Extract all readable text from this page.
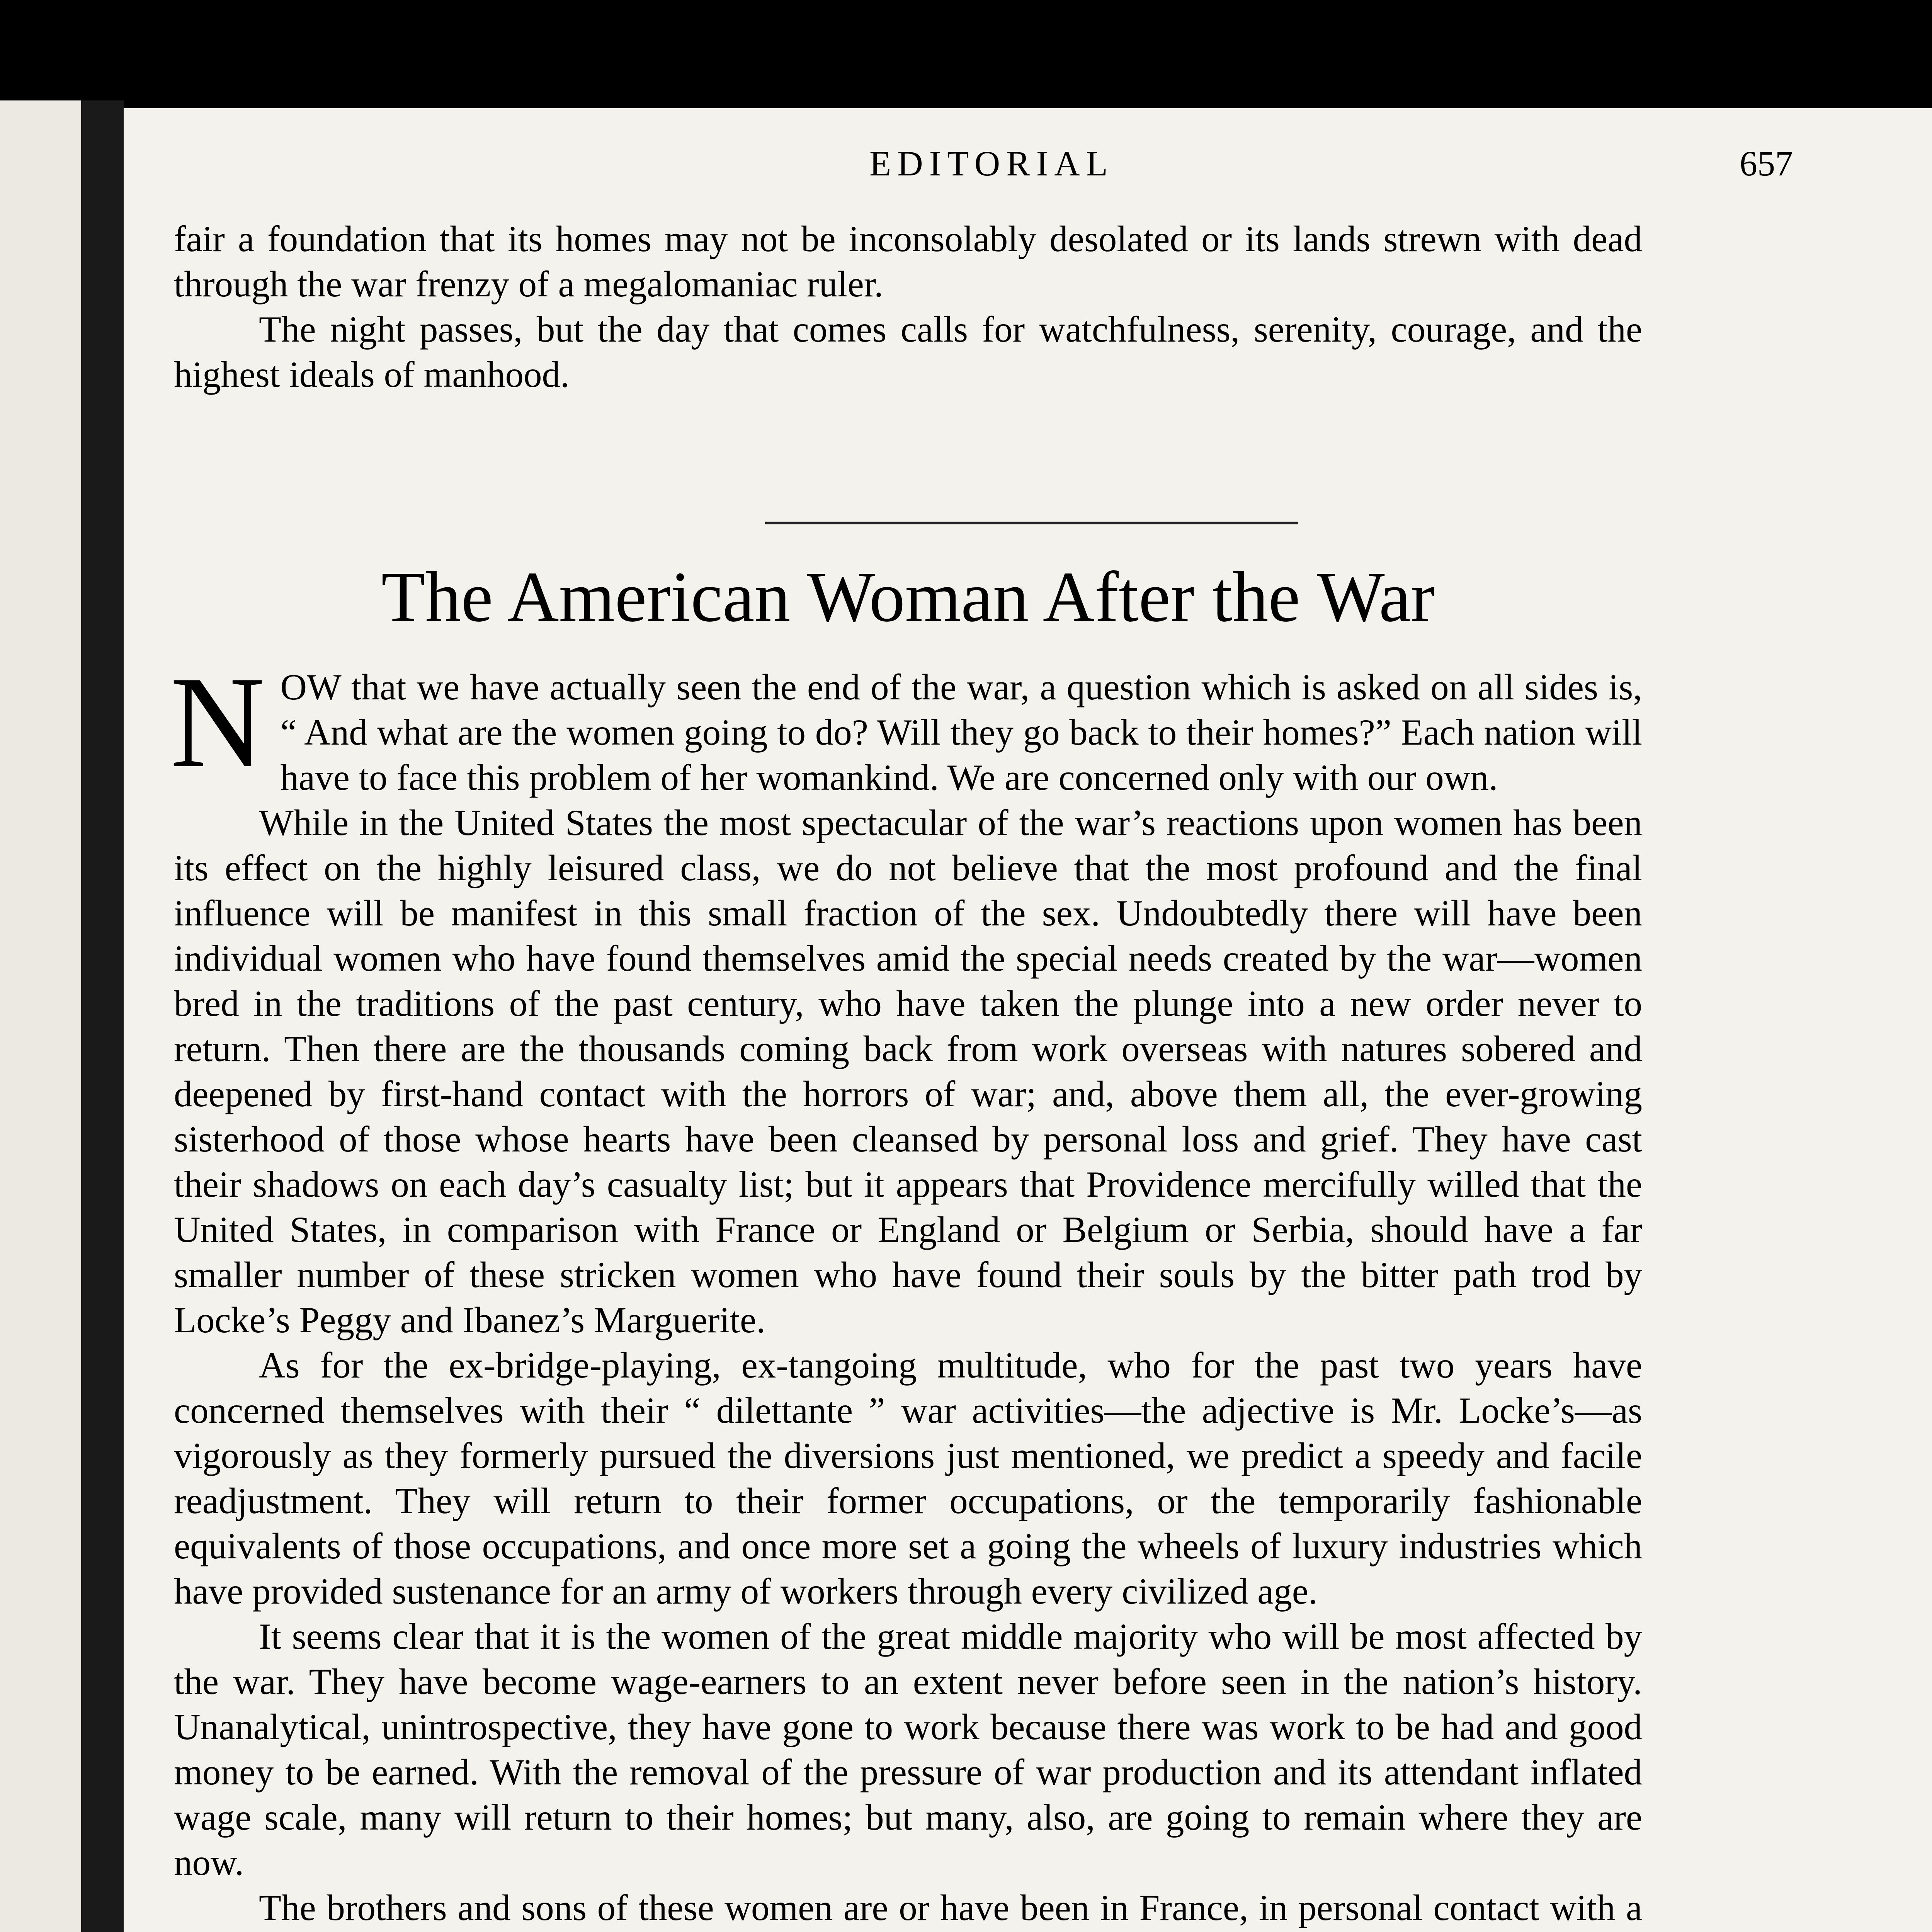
EDITORIAL	657

fair a foundation that its homes may not be inconsolably desolated or its lands strewn with dead through the war frenzy of a megalomaniac ruler.

The night passes, but the day that comes calls for watchfulness, serenity, courage, and the highest ideals of manhood.

The American Woman After the War

NOW that we have actually seen the end of the war, a question which is asked on all sides is, “ And what are the women going to do? Will they go back to their homes?” Each nation will have to face this problem of her womankind. We are concerned only with our own.

While in the United States the most spectacular of the war’s reactions upon women has been its effect on the highly leisured class, we do not believe that the most profound and the final influence will be manifest in this small fraction of the sex. Undoubtedly there will have been individual women who have found themselves amid the special needs created by the war—women bred in the traditions of the past century, who have taken the plunge into a new order never to return. Then there are the thousands coming back from work overseas with natures sobered and deepened by first-hand contact with the horrors of war; and, above them all, the ever-growing sisterhood of those whose hearts have been cleansed by personal loss and grief. They have cast their shadows on each day’s casualty list; but it appears that Providence mercifully willed that the United States, in comparison with France or England or Belgium or Serbia, should have a far smaller number of these stricken women who have found their souls by the bitter path trod by Locke’s Peggy and Ibanez’s Marguerite.

As for the ex-bridge-playing, ex-tangoing multitude, who for the past two years have concerned themselves with their “ dilettante ” war activities—the adjective is Mr. Locke’s—as vigorously as they formerly pursued the diversions just mentioned, we predict a speedy and facile readjustment. They will return to their former occupations, or the temporarily fashionable equivalents of those occupations, and once more set a going the wheels of luxury industries which have provided sustenance for an army of workers through every civilized age.

It seems clear that it is the women of the great middle majority who will be most affected by the war. They have become wage-earners to an extent never before seen in the nation’s history. Unanalytical, unintrospective, they have gone to work because there was work to be had and good money to be earned. With the removal of the pressure of war production and its attendant inflated wage scale, many will return to their homes; but many, also, are going to remain where they are now.

The brothers and sons of these women are or have been in France, in personal contact with a
